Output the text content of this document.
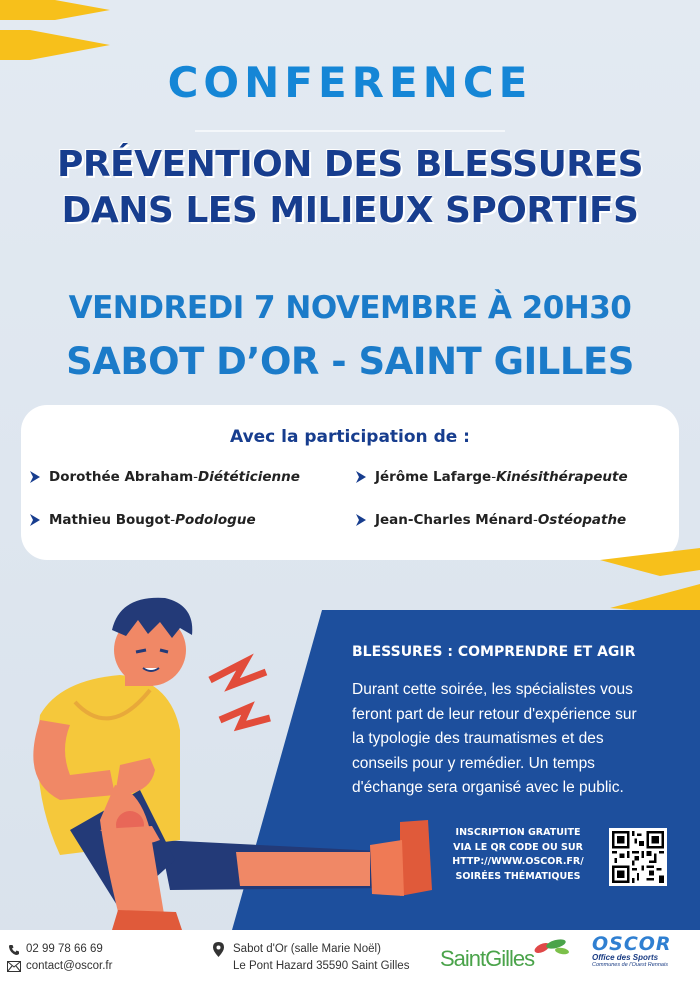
CONFERENCE
PRÉVENTION DES BLESSURES
DANS LES MILIEUX SPORTIFS
VENDREDI 7 NOVEMBRE À 20H30
SABOT D’OR - SAINT GILLES
Avec la participation de :
Dorothée Abraham - Diététicienne	Jérôme Lafarge - Kinésithérapeute
Mathieu Bougot - Podologue	Jean-Charles Ménard - Ostéopathe
BLESSURES : COMPRENDRE ET AGIR
Durant cette soirée, les spécialistes vous
feront part de leur retour d'expérience sur
la typologie des traumatismes et des
conseils pour y remédier. Un temps
d'échange sera organisé avec le public.
INSCRIPTION GRATUITE
VIA LE QR CODE OU SUR
HTTP://WWW.OSCOR.FR/
SOIRÉES THÉMATIQUES
02 99 78 66 69
contact@oscor.fr
Sabot d'Or (salle Marie Noël)
Le Pont Hazard 35590 Saint Gilles SaintGilles
OSCOR
Office des Sports
Communes de l'Ouest Rennais
